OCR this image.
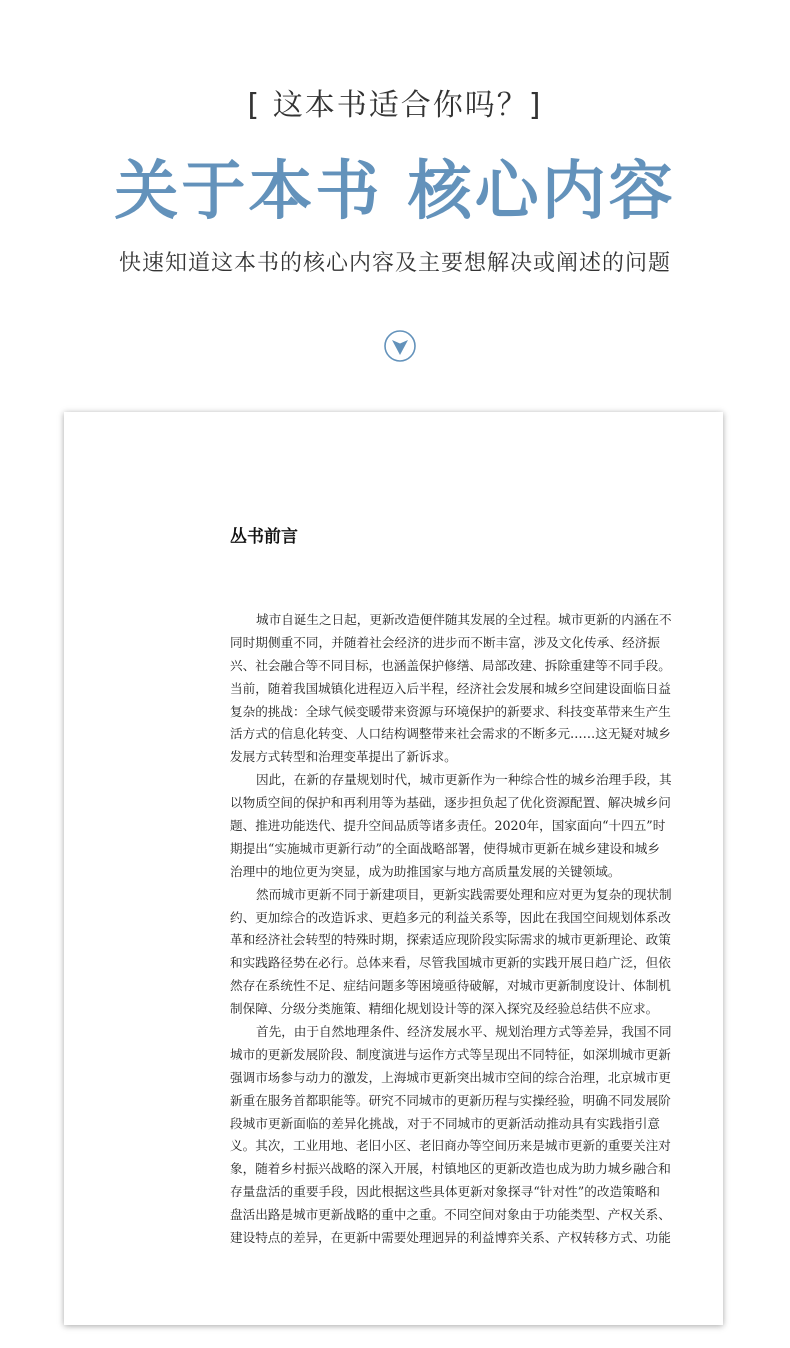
[ 这本书适合你吗？]
关于本书 核心内容
快速知道这本书的核心内容及主要想解决或阐述的问题
丛书前言
城市自诞生之日起，更新改造便伴随其发展的全过程。城市更新的内涵在不
同时期侧重不同，并随着社会经济的进步而不断丰富，涉及文化传承、经济振
兴、社会融合等不同目标，也涵盖保护修缮、局部改建、拆除重建等不同手段。
当前，随着我国城镇化进程迈入后半程，经济社会发展和城乡空间建设面临日益
复杂的挑战：全球气候变暖带来资源与环境保护的新要求、科技变革带来生产生
活方式的信息化转变、人口结构调整带来社会需求的不断多元……这无疑对城乡
发展方式转型和治理变革提出了新诉求。
因此，在新的存量规划时代，城市更新作为一种综合性的城乡治理手段，其
以物质空间的保护和再利用等为基础，逐步担负起了优化资源配置、解决城乡问
题、推进功能迭代、提升空间品质等诸多责任。2020年，国家面向“十四五”时
期提出“实施城市更新行动”的全面战略部署，使得城市更新在城乡建设和城乡
治理中的地位更为突显，成为助推国家与地方高质量发展的关键领域。
然而城市更新不同于新建项目，更新实践需要处理和应对更为复杂的现状制
约、更加综合的改造诉求、更趋多元的利益关系等，因此在我国空间规划体系改
革和经济社会转型的特殊时期，探索适应现阶段实际需求的城市更新理论、政策
和实践路径势在必行。总体来看，尽管我国城市更新的实践开展日趋广泛，但依
然存在系统性不足、症结问题多等困境亟待破解，对城市更新制度设计、体制机
制保障、分级分类施策、精细化规划设计等的深入探究及经验总结供不应求。
首先，由于自然地理条件、经济发展水平、规划治理方式等差异，我国不同
城市的更新发展阶段、制度演进与运作方式等呈现出不同特征，如深圳城市更新
强调市场参与动力的激发，上海城市更新突出城市空间的综合治理，北京城市更
新重在服务首都职能等。研究不同城市的更新历程与实操经验，明确不同发展阶
段城市更新面临的差异化挑战，对于不同城市的更新活动推动具有实践指引意
义。其次，工业用地、老旧小区、老旧商办等空间历来是城市更新的重要关注对
象，随着乡村振兴战略的深入开展，村镇地区的更新改造也成为助力城乡融合和
存量盘活的重要手段，因此根据这些具体更新对象探寻“针对性”的改造策略和
盘活出路是城市更新战略的重中之重。不同空间对象由于功能类型、产权关系、
建设特点的差异，在更新中需要处理迥异的利益博弈关系、产权转移方式、功能
